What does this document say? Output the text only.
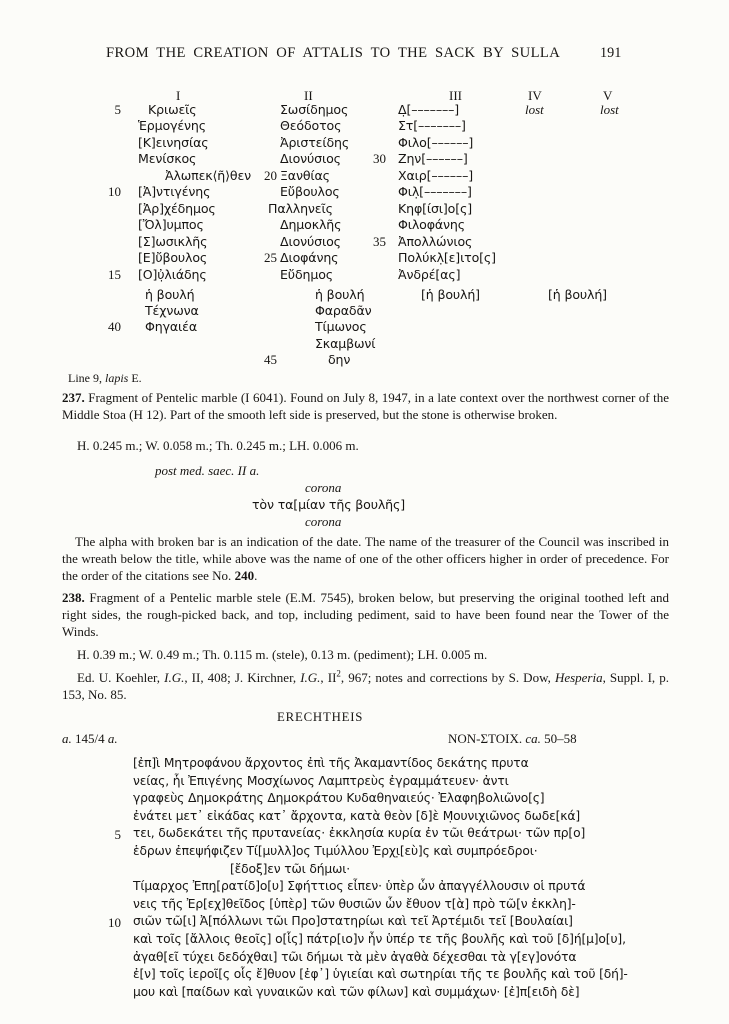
FROM THE CREATION OF ATTALIS TO THE SACK BY SULLA	191
I	II	III	IV	V
5 Κριωεῖς	Σωσίδημος	Δ̣[–––––––]	lost	lost
Ἑρμογένης	Θεόδοτος	Στ[–––––––]
[Κ]εινησίας	Ἀριστείδης	Φιλο[––––––]
Μενίσκος	Διονύσιος	30 Ζην[––––––]
Ἀλωπεκ⟨ῆ⟩θεν	20 Ξανθίας	Χαιρ[––––––]
10 [Ἀ]ντιγένης	Εὔβουλος	Φιλ̣[–––––––]
[Ἀρ]χέδημος	Παλληνεῖς	Κηφ[ίσι]ο[ς]
[Ὄλ]υμπος	Δημοκλῆς	Φιλοφάνης
[Σ]ωσικλῆς	Διονύσιος	35 Ἀπολλώνιος
[Ε]ὔβουλος	25 Διοφάνης	Πολύκλ̣[ε]ιτο[ς]
15 [Ο]ὐ̣λιάδης	Εὔδημος	Ἀνδρέ[ας]
ἡ βουλή	ἡ βουλή	[ἡ βουλή]	[ἡ βουλή]
Τέχνωνα	Φαραδᾶν
40 Φηγαιέα	Τίμωνος
Σκαμβωνί
45	δην
Line 9, lapis E.
237. Fragment of Pentelic marble (I 6041). Found on July 8, 1947, in a late context over the northwest corner of the Middle Stoa (H 12). Part of the smooth left side is preserved, but the stone is otherwise broken.
H. 0.245 m.; W. 0.058 m.; Th. 0.245 m.; LH. 0.006 m.
post med. saec. II a.
corona
τὸν τα[μίαν τῆς βουλῆς]
corona
The alpha with broken bar is an indication of the date. The name of the treasurer of the Council was inscribed in the wreath below the title, while above was the name of one of the other officers higher in order of precedence. For the order of the citations see No. 240.
238. Fragment of a Pentelic marble stele (E.M. 7545), broken below, but preserving the original toothed left and right sides, the rough-picked back, and top, including pediment, said to have been found near the Tower of the Winds.
H. 0.39 m.; W. 0.49 m.; Th. 0.115 m. (stele), 0.13 m. (pediment); LH. 0.005 m.
Ed. U. Koehler, I.G., II, 408; J. Kirchner, I.G., $II^2$, 967; notes and corrections by S. Dow, Hesperia, Suppl. I, p. 153, No. 85.
ERECHTHEIS
a. 145/4 a.	NON-ΣΤΟΙΧ. ca. 50–58
[ἐπ]ὶ Μητροφάνου ἄρχοντος ἐπὶ τῆς Ἀκαμαντίδος δεκάτης πρυτα
νείας, ἧι Ἐπιγένης Μοσχίωνος Λαμπτρεὺς ἐγραμμάτευεν· ἀντι
γραφεὺς Δημοκράτης Δημοκράτου Κυδαθηναιεύς· Ἐλαφηβολιῶνο[ς]
ἐνάτει μετ᾽ εἰκάδας κατ᾽ ἄρχοντα, κατὰ θεὸν [δ]ὲ Μ̣ουνιχιῶνος δωδε[κά]
5 τει, δωδεκάτει τῆς πρυτανείας· ἐκκλησία κυρία ἐν τῶι θεάτρωι· τῶν πρ[ο]
ἑδρων ἐπεψήφιζεν Τί[μυλλ]ος Τιμύλλου Ἐρχι̣[εὺ]ς καὶ συμπρόεδροι·
[ἔδοξ]εν τῶι δήμωι·
Τίμαρχος Ἐπη̣[ρατίδ]ο[υ] Σφήττιος εἶπεν· ὑπὲρ ὧν ἀπαγγέλλουσιν οἱ πρυτά
νεις τῆς Ἐρ[εχ]θεῖδος [ὑπὲρ] τῶν θυσιῶν ὧν ἔθυον τ[ὰ] πρὸ τῶ[ν ἐκκλη]-
10 σιῶν τῶ[ι] Ἀ[πόλλωνι τῶι Προ]στατηρίωι καὶ τεῖ Ἀρτέμιδι τεῖ [Βουλαίαι]
καὶ τοῖς [ἄλλοις θεοῖς] ο[ἷς] πάτρ[ιο]ν ἦν ὑπέρ τε τῆς βουλῆς καὶ τοῦ [δ]ή[μ]ο[υ],
ἀγαθ[εῖ τύχει δεδόχθαι] τῶι δήμωι τὰ μὲν ἀγαθὰ δέχεσθαι τὰ γ[εγ]ονότα
ἐ[ν] τοῖς ἱεροῖ[ς οἷς ἔ]θυον [ἐφ᾽] ὑγιείαι καὶ σωτηρίαι τῆς τε βουλῆς καὶ τοῦ [δή]-
μου καὶ [παίδων καὶ γυναικῶν καὶ τῶν φίλων] καὶ συμμάχων· [ἐ]π[ειδὴ δὲ]
